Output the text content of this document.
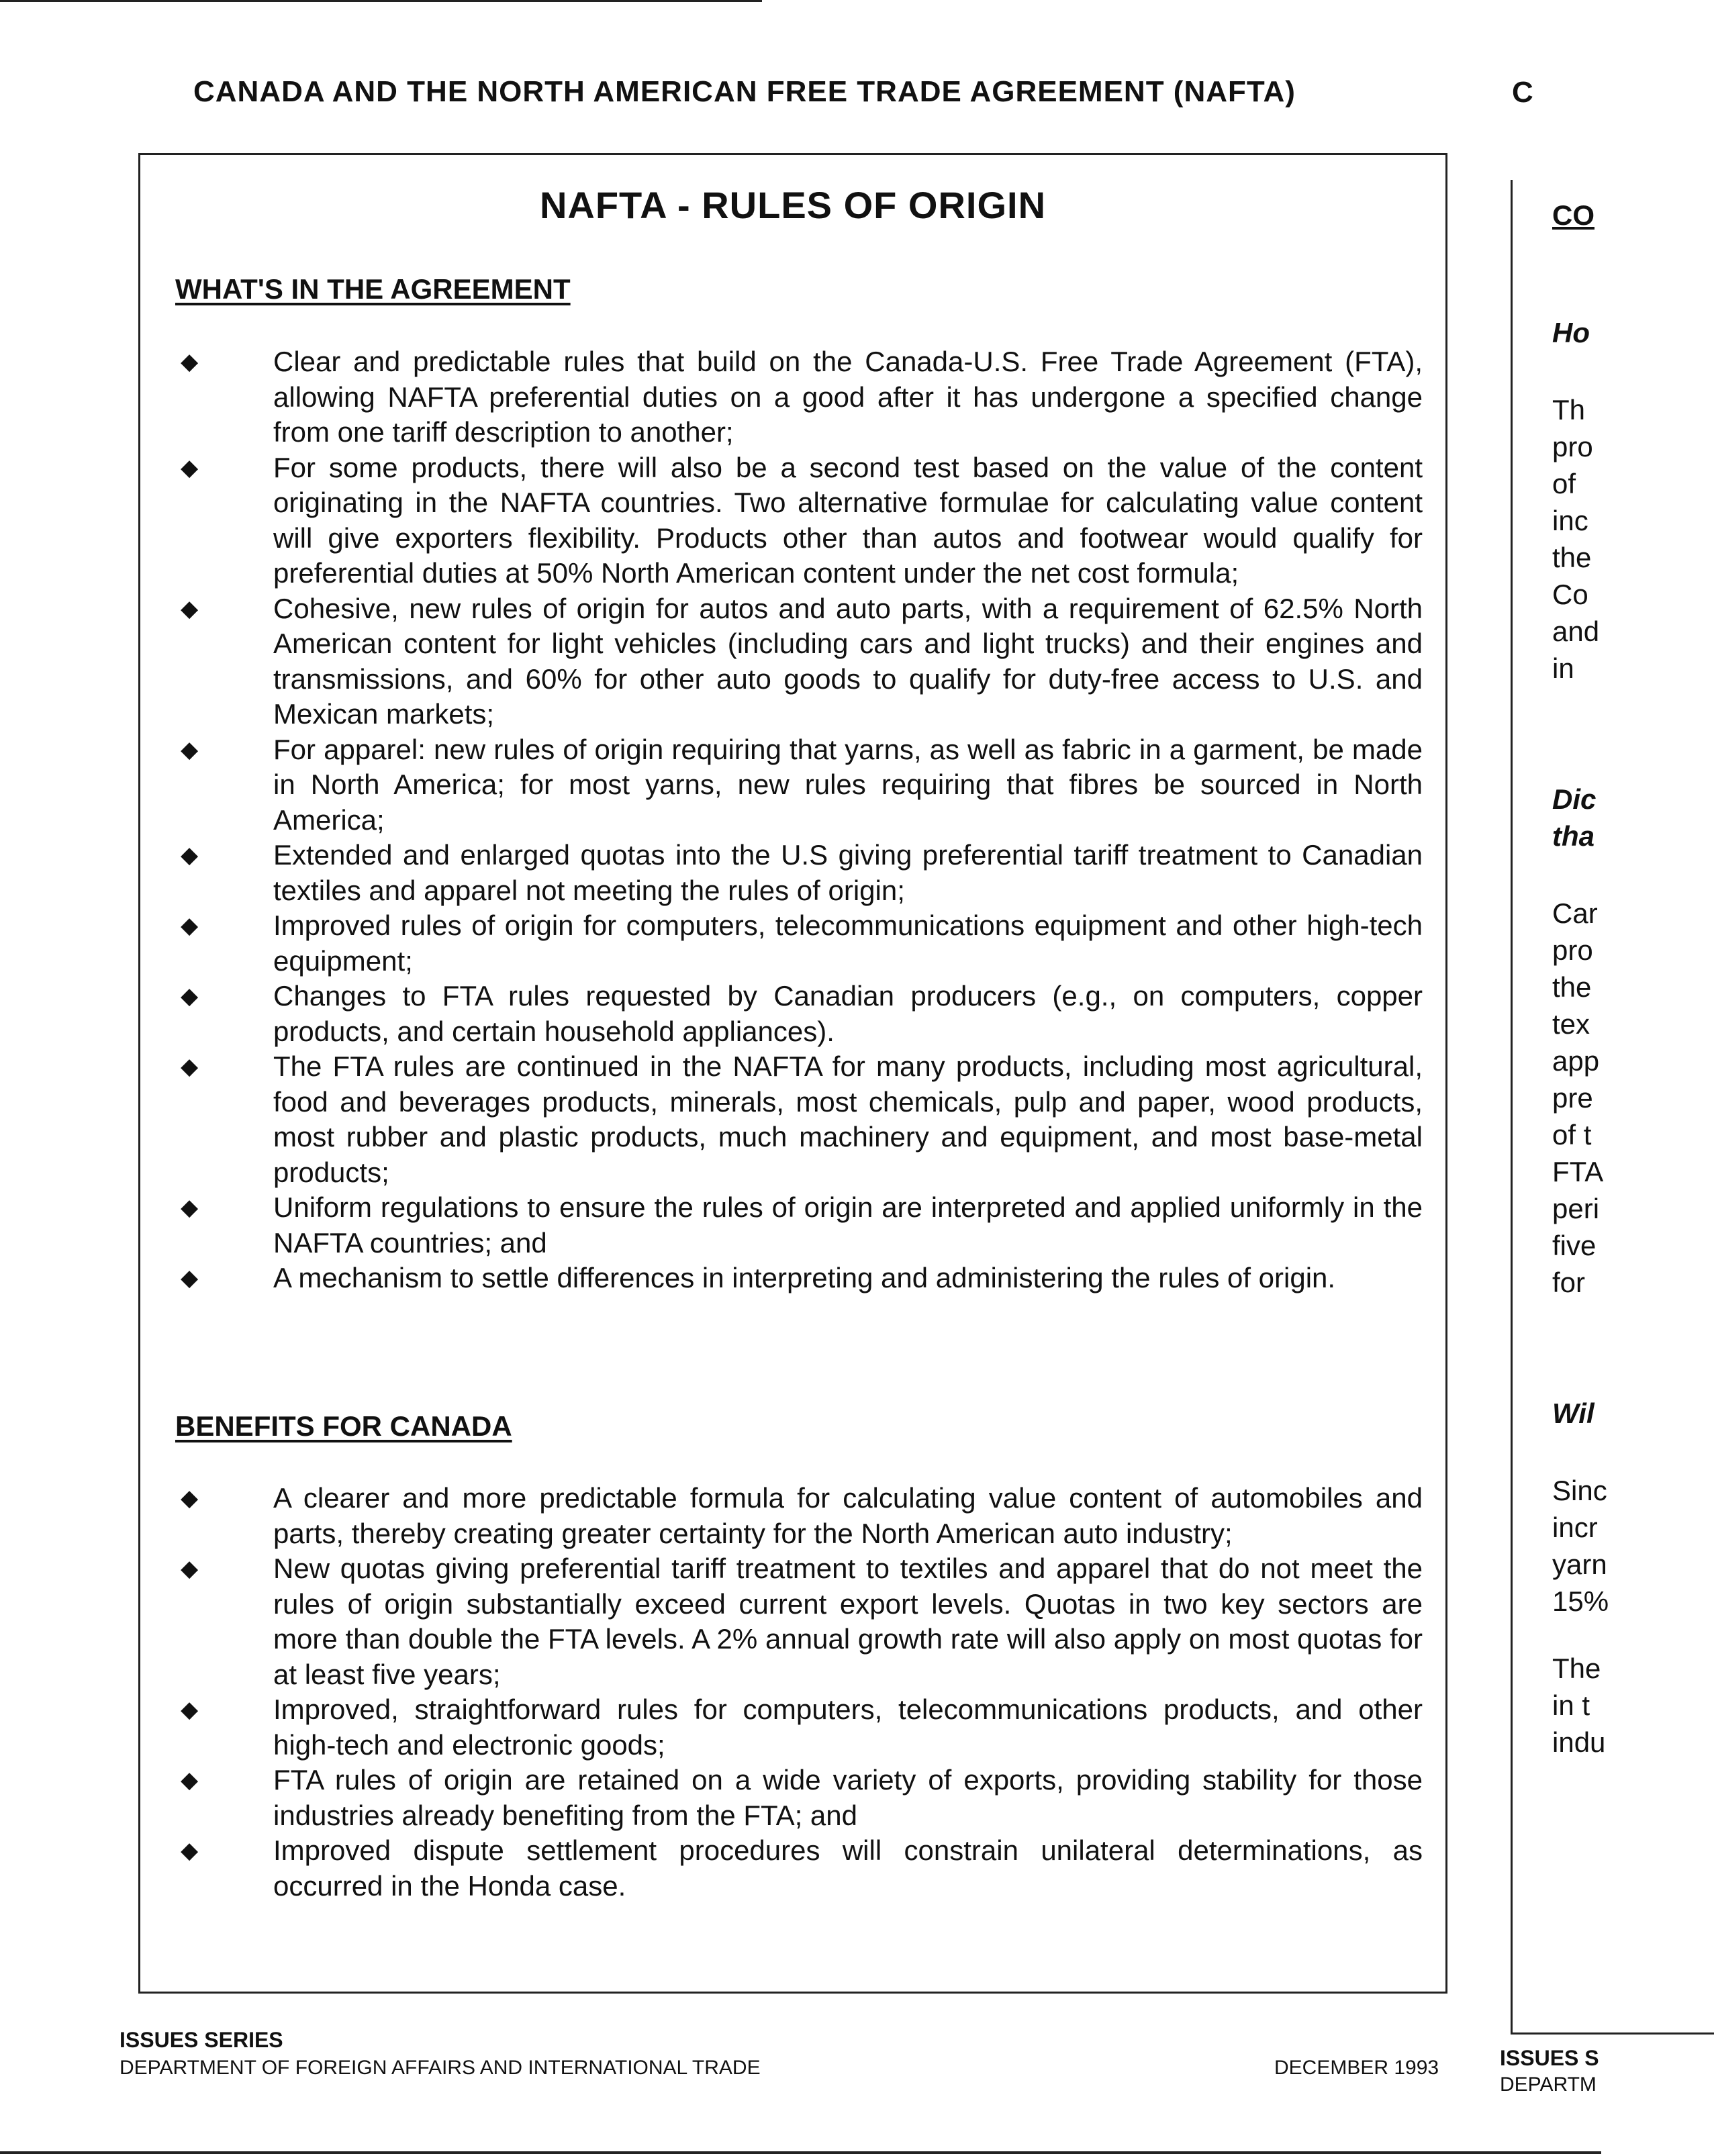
CANADA AND THE NORTH AMERICAN FREE TRADE AGREEMENT (NAFTA)
NAFTA - RULES OF ORIGIN
WHAT'S IN THE AGREEMENT
◆	Clear and predictable rules that build on the Canada-U.S. Free Trade Agreement (FTA), allowing NAFTA preferential duties on a good after it has undergone a specified change from one tariff description to another;
◆	For some products, there will also be a second test based on the value of the content originating in the NAFTA countries. Two alternative formulae for calculating value content will give exporters flexibility. Products other than autos and footwear would qualify for preferential duties at 50% North American content under the net cost formula;
◆	Cohesive, new rules of origin for autos and auto parts, with a requirement of 62.5% North American content for light vehicles (including cars and light trucks) and their engines and transmissions, and 60% for other auto goods to qualify for duty-free access to U.S. and Mexican markets;
◆	For apparel: new rules of origin requiring that yarns, as well as fabric in a garment, be made in North America; for most yarns, new rules requiring that fibres be sourced in North America;
◆	Extended and enlarged quotas into the U.S giving preferential tariff treatment to Canadian textiles and apparel not meeting the rules of origin;
◆	Improved rules of origin for computers, telecommunications equipment and other high-tech equipment;
◆	Changes to FTA rules requested by Canadian producers (e.g., on computers, copper products, and certain household appliances).
◆	The FTA rules are continued in the NAFTA for many products, including most agricultural, food and beverages products, minerals, most chemicals, pulp and paper, wood products, most rubber and plastic products, much machinery and equipment, and most base-metal products;
◆	Uniform regulations to ensure the rules of origin are interpreted and applied uniformly in the NAFTA countries; and
◆	A mechanism to settle differences in interpreting and administering the rules of origin.
BENEFITS FOR CANADA
◆	A clearer and more predictable formula for calculating value content of automobiles and parts, thereby creating greater certainty for the North American auto industry;
◆	New quotas giving preferential tariff treatment to textiles and apparel that do not meet the rules of origin substantially exceed current export levels. Quotas in two key sectors are more than double the FTA levels. A 2% annual growth rate will also apply on most quotas for at least five years;
◆	Improved, straightforward rules for computers, telecommunications products, and other high-tech and electronic goods;
◆	FTA rules of origin are retained on a wide variety of exports, providing stability for those industries already benefiting from the FTA; and
◆	Improved dispute settlement procedures will constrain unilateral determinations, as occurred in the Honda case.
ISSUES SERIES
DEPARTMENT OF FOREIGN AFFAIRS AND INTERNATIONAL TRADE	DECEMBER 1993
C
CO
Ho
Th
pro
of
inc
the
Co
and
in
Dic
tha
Car
pro
the
tex
app
pre
of t
FTA
peri
five
for
Wil
Sinc
incr
yarn
15%
The
in t
indu
ISSUES S
DEPARTM
